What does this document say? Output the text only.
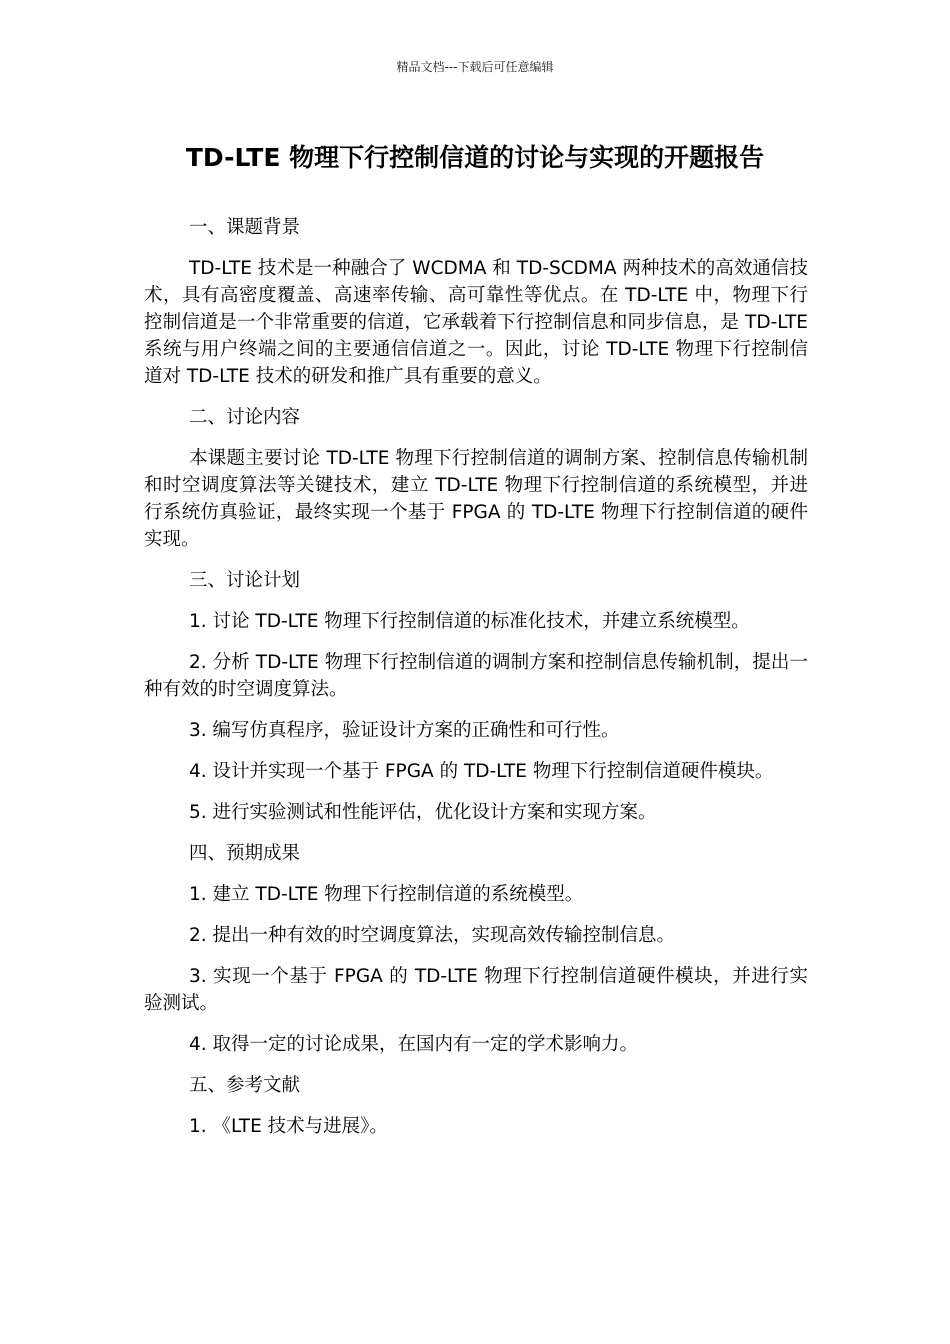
精品文档---下载后可任意编辑
TD-LTE 物理下行控制信道的讨论与实现的开题报告

一、课题背景

TD-LTE 技术是一种融合了 WCDMA 和 TD-SCDMA 两种技术的高效通信技术，具有高密度覆盖、高速率传输、高可靠性等优点。在 TD-LTE 中，物理下行控制信道是一个非常重要的信道，它承载着下行控制信息和同步信息，是 TD-LTE 系统与用户终端之间的主要通信信道之一。因此，讨论 TD-LTE 物理下行控制信道对 TD-LTE 技术的研发和推广具有重要的意义。

二、讨论内容

本课题主要讨论 TD-LTE 物理下行控制信道的调制方案、控制信息传输机制和时空调度算法等关键技术，建立 TD-LTE 物理下行控制信道的系统模型，并进行系统仿真验证，最终实现一个基于 FPGA 的 TD-LTE 物理下行控制信道的硬件实现。

三、讨论计划

1. 讨论 TD-LTE 物理下行控制信道的标准化技术，并建立系统模型。

2. 分析 TD-LTE 物理下行控制信道的调制方案和控制信息传输机制，提出一种有效的时空调度算法。

3. 编写仿真程序，验证设计方案的正确性和可行性。

4. 设计并实现一个基于 FPGA 的 TD-LTE 物理下行控制信道硬件模块。

5. 进行实验测试和性能评估，优化设计方案和实现方案。

四、预期成果

1. 建立 TD-LTE 物理下行控制信道的系统模型。

2. 提出一种有效的时空调度算法，实现高效传输控制信息。

3. 实现一个基于 FPGA 的 TD-LTE 物理下行控制信道硬件模块，并进行实验测试。

4. 取得一定的讨论成果，在国内有一定的学术影响力。

五、参考文献

1. 《LTE 技术与进展》。
